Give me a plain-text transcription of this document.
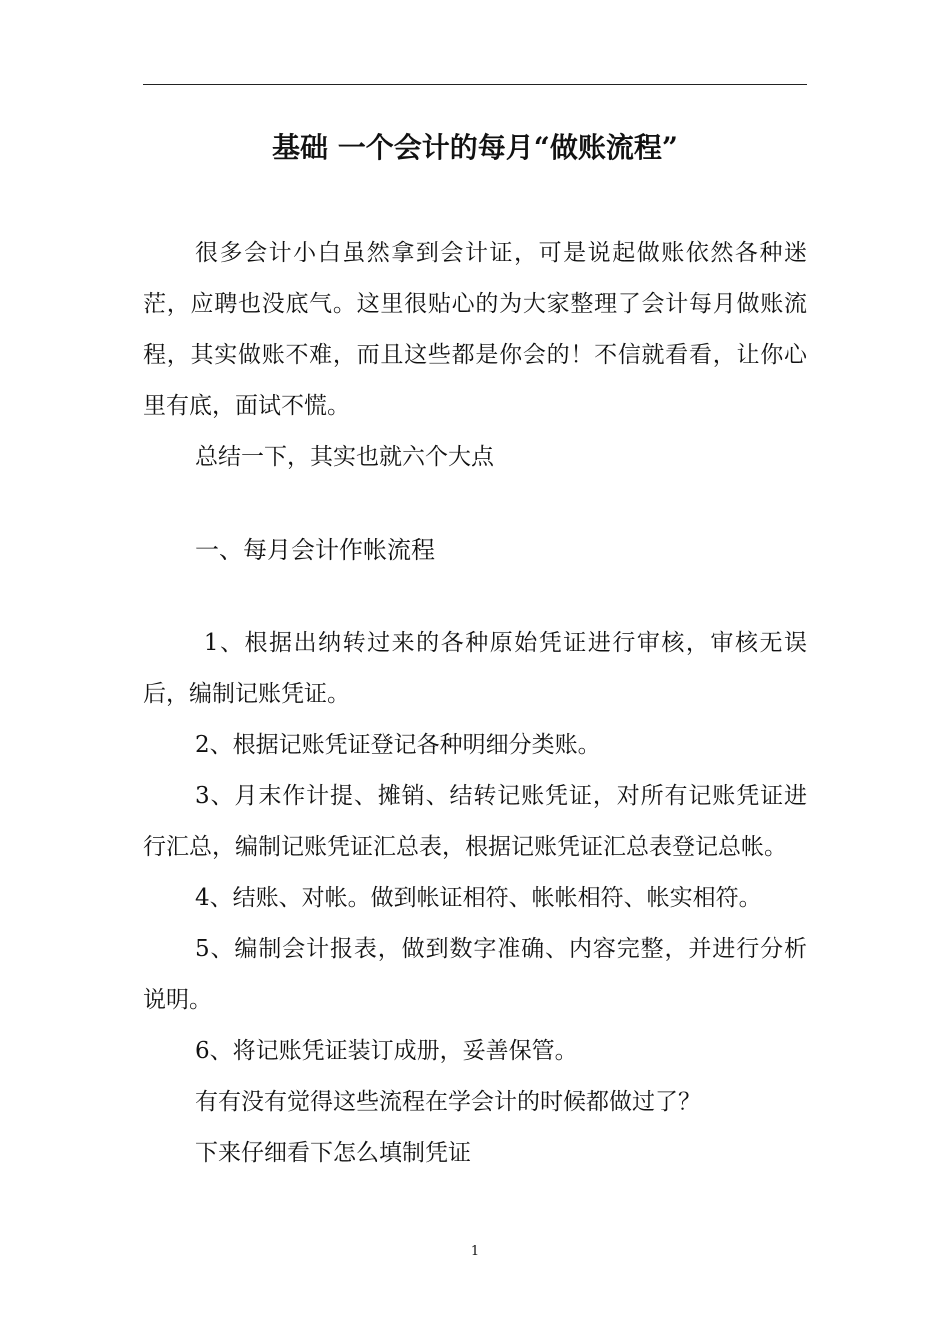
基础 一个会计的每月“做账流程”

很多会计小白虽然拿到会计证，可是说起做账依然各种迷茫，应聘也没底气。这里很贴心的为大家整理了会计每月做账流程，其实做账不难，而且这些都是你会的！不信就看看，让你心里有底，面试不慌。

总结一下，其实也就六个大点

一、每月会计作帐流程

1、根据出纳转过来的各种原始凭证进行审核，审核无误后，编制记账凭证。

2、根据记账凭证登记各种明细分类账。

3、月末作计提、摊销、结转记账凭证，对所有记账凭证进行汇总，编制记账凭证汇总表，根据记账凭证汇总表登记总帐。

4、结账、对帐。做到帐证相符、帐帐相符、帐实相符。

5、编制会计报表，做到数字准确、内容完整，并进行分析说明。

6、将记账凭证装订成册，妥善保管。

有有没有觉得这些流程在学会计的时候都做过了？

下来仔细看下怎么填制凭证

1
